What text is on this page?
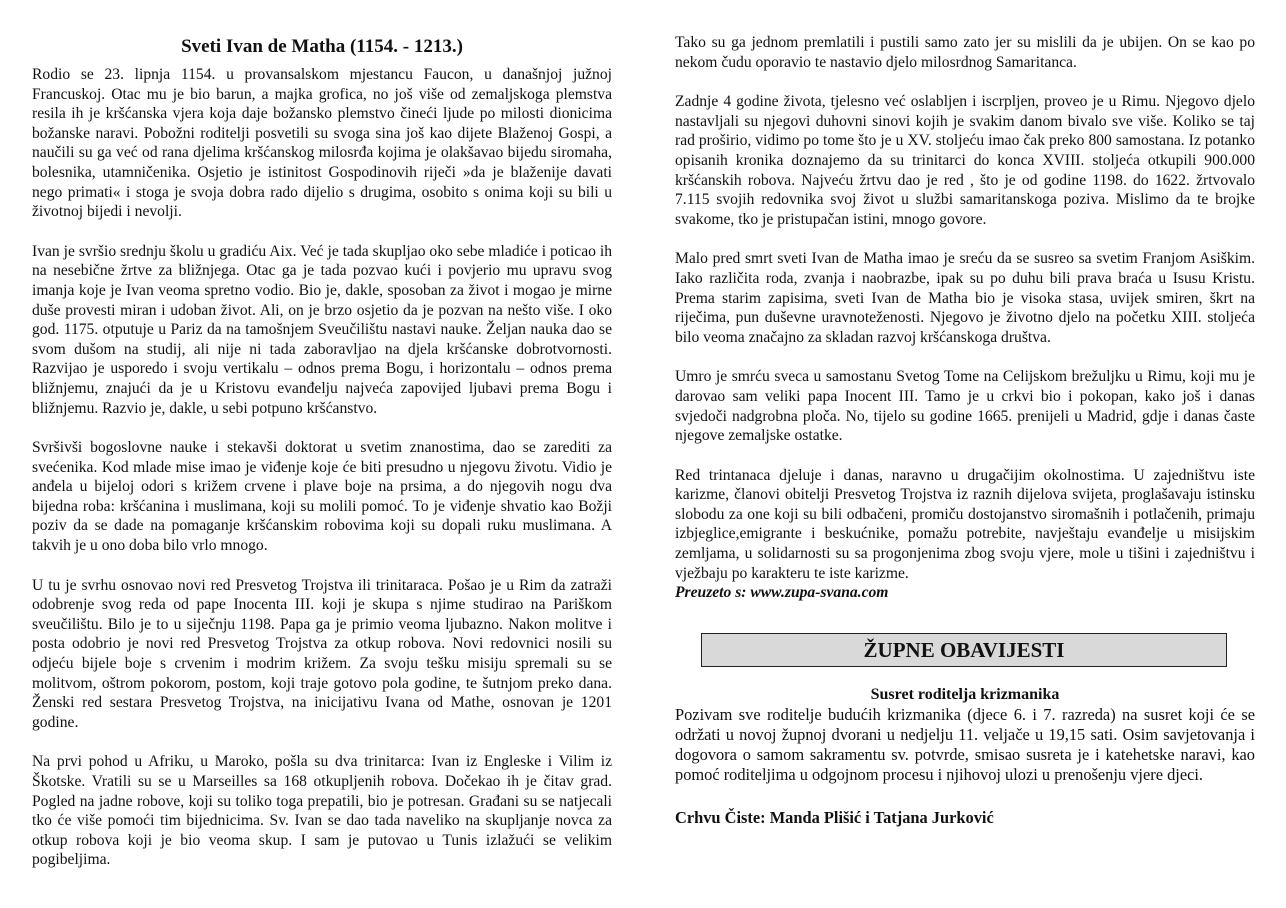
Sveti Ivan de Matha (1154. - 1213.)

Rodio se 23. lipnja 1154. u provansalskom mjestancu Faucon, u današnjoj južnoj Francuskoj. Otac mu je bio barun, a majka grofica, no još više od zemaljskoga plemstva resila ih je kršćanska vjera koja daje božansko plemstvo čineći ljude po milosti dionicima božanske naravi. Pobožni roditelji posvetili su svoga sina još kao dijete Blaženoj Gospi, a naučili su ga već od rana djelima kršćanskog milosrđa kojima je olakšavao bijedu siromaha, bolesnika, utamničenika. Osjetio je istinitost Gospodinovih riječi »da je blaženije davati nego primati« i stoga je svoja dobra rado dijelio s drugima, osobito s onima koji su bili u životnoj bijedi i nevolji.

Ivan je svršio srednju školu u gradiću Aix. Već je tada skupljao oko sebe mladiće i poticao ih na nesebične žrtve za bližnjega. Otac ga je tada pozvao kući i povjerio mu upravu svog imanja koje je Ivan veoma spretno vodio. Bio je, dakle, sposoban za život i mogao je mirne duše provesti miran i udoban život. Ali, on je brzo osjetio da je pozvan na nešto više. I oko god. 1175. otputuje u Pariz da na tamošnjem Sveučilištu nastavi nauke. Željan nauka dao se svom dušom na studij, ali nije ni tada zaboravljao na djela kršćanske dobrotvornosti. Razvijao je usporedo i svoju vertikalu – odnos prema Bogu, i horizontalu – odnos prema bližnjemu, znajući da je u Kristovu evanđelju najveća zapovijed ljubavi prema Bogu i bližnjemu. Razvio je, dakle, u sebi potpuno kršćanstvo.

Svršivši bogoslovne nauke i stekavši doktorat u svetim znanostima, dao se zarediti za svećenika. Kod mlade mise imao je viđenje koje će biti presudno u njegovu životu. Vidio je anđela u bijeloj odori s križem crvene i plave boje na prsima, a do njegovih nogu dva bijedna roba: kršćanina i muslimana, koji su molili pomoć. To je viđenje shvatio kao Božji poziv da se dade na pomaganje kršćanskim robovima koji su dopali ruku muslimana. A takvih je u ono doba bilo vrlo mnogo.

U tu je svrhu osnovao novi red Presvetog Trojstva ili trinitaraca. Pošao je u Rim da zatraži odobrenje svog reda od pape Inocenta III. koji je skupa s njime studirao na Pariškom sveučilištu. Bilo je to u siječnju 1198. Papa ga je primio veoma ljubazno. Nakon molitve i posta odobrio je novi red Presvetog Trojstva za otkup robova. Novi redovnici nosili su odjeću bijele boje s crvenim i modrim križem. Za svoju tešku misiju spremali su se molitvom, oštrom pokorom, postom, koji traje gotovo pola godine, te šutnjom preko dana. Ženski red sestara Presvetog Trojstva, na inicijativu Ivana od Mathe, osnovan je 1201 godine.

Na prvi pohod u Afriku, u Maroko, pošla su dva trinitarca: Ivan iz Engleske i Vilim iz Škotske. Vratili su se u Marseilles sa 168 otkupljenih robova. Dočekao ih je čitav grad. Pogled na jadne robove, koji su toliko toga prepatili, bio je potresan. Građani su se natjecali tko će više pomoći tim bijednicima. Sv. Ivan se dao tada naveliko na skupljanje novca za otkup robova koji je bio veoma skup. I sam je putovao u Tunis izlažući se velikim pogibeljima.

Tako su ga jednom premlatili i pustili samo zato jer su mislili da je ubijen. On se kao po nekom čudu oporavio te nastavio djelo milosrdnog Samaritanca.

Zadnje 4 godine života, tjelesno već oslabljen i iscrpljen, proveo je u Rimu. Njegovo djelo nastavljali su njegovi duhovni sinovi kojih je svakim danom bivalo sve više. Koliko se taj rad proširio, vidimo po tome što je u XV. stoljeću imao čak preko 800 samostana. Iz potanko opisanih kronika doznajemo da su trinitarci do konca XVIII. stoljeća otkupili 900.000 kršćanskih robova. Najveću žrtvu dao je red , što je od godine 1198. do 1622. žrtvovalo 7.115 svojih redovnika svoj život u službi samaritanskoga poziva. Mislimo da te brojke svakome, tko je pristupačan istini, mnogo govore.

Malo pred smrt sveti Ivan de Matha imao je sreću da se susreo sa svetim Franjom Asiškim. Iako različita roda, zvanja i naobrazbe, ipak su po duhu bili prava braća u Isusu Kristu. Prema starim zapisima, sveti Ivan de Matha bio je visoka stasa, uvijek smiren, škrt na riječima, pun duševne uravnoteženosti. Njegovo je životno djelo na početku XIII. stoljeća bilo veoma značajno za skladan razvoj kršćanskoga društva.

Umro je smrću sveca u samostanu Svetog Tome na Celijskom brežuljku u Rimu, koji mu je darovao sam veliki papa Inocent III. Tamo je u crkvi bio i pokopan, kako još i danas svjedoči nadgrobna ploča. No, tijelo su godine 1665. prenijeli u Madrid, gdje i danas časte njegove zemaljske ostatke.

Red trintanaca djeluje i danas, naravno u drugačijim okolnostima. U zajedništvu iste karizme, članovi obitelji Presvetog Trojstva iz raznih dijelova svijeta, proglašavaju istinsku slobodu za one koji su bili odbačeni, promiču dostojanstvo siromašnih i potlačenih, primaju izbjeglice,emigrante i beskućnike, pomažu potrebite, navještaju evanđelje u misijskim zemljama, u solidarnosti su sa progonjenima zbog svoju vjere, mole u tišini i zajedništvu i vježbaju po karakteru te iste karizme.

Preuzeto s: www.zupa-svana.com

ŽUPNE OBAVIJESTI
Susret roditelja krizmanika

Pozivam sve roditelje budućih krizmanika (djece 6. i 7. razreda) na susret koji će se održati u novoj župnoj dvorani u nedjelju 11. veljače u 19,15 sati. Osim savjetovanja i dogovora o samom sakramentu sv. potvrde, smisao susreta je i katehetske naravi, kao pomoć roditeljima u odgojnom procesu i njihovoj ulozi u prenošenju vjere djeci.

Crhvu Čiste: Manda Plišić i Tatjana Jurković
